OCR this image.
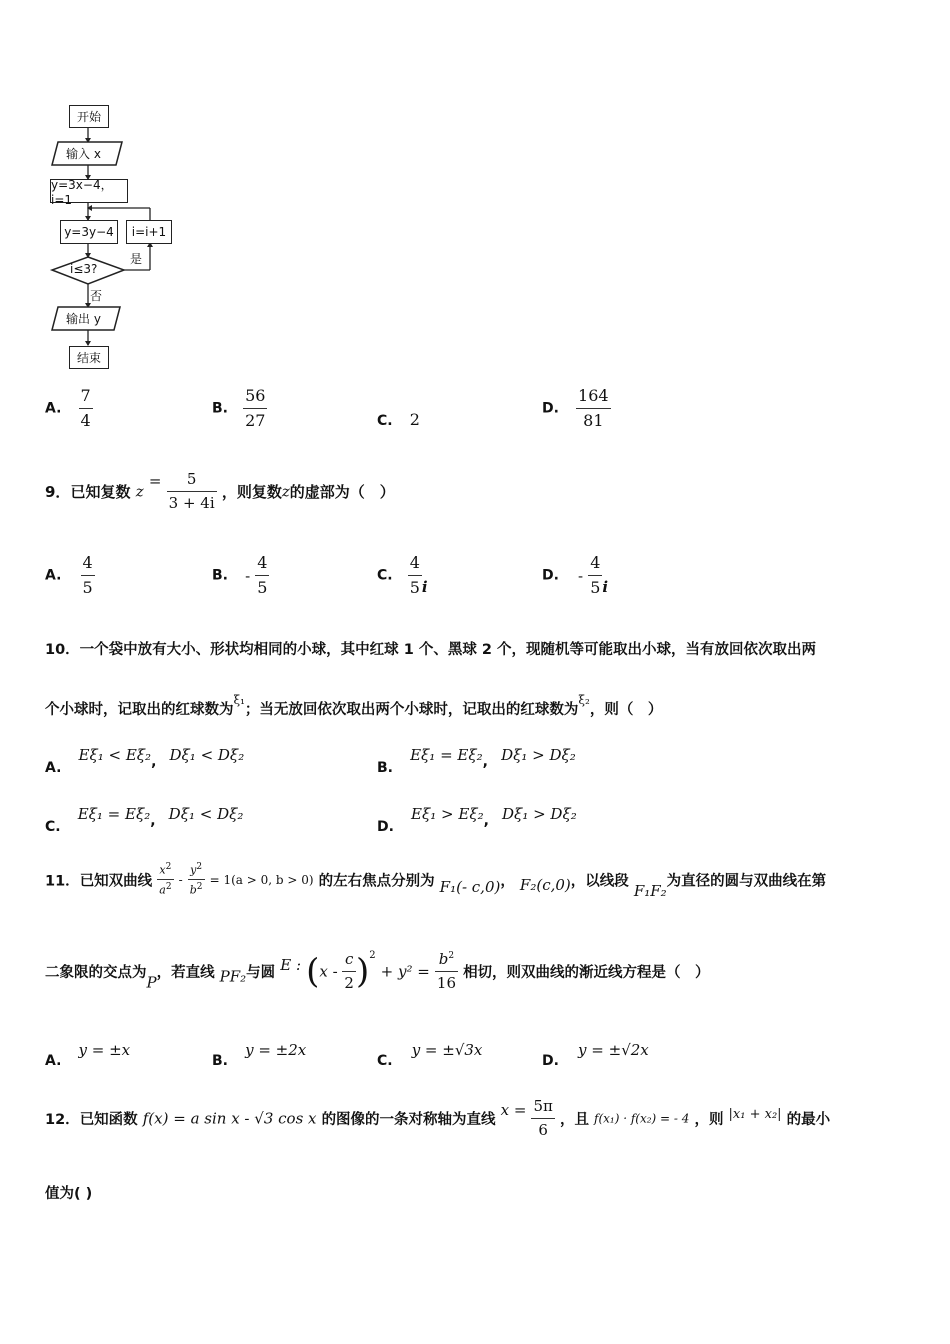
开始
输入 x
y=3x−4，i=1
y=3y−4	i=i+1
i≤3?
是
否
输出 y
结束
A. $\frac{7}{4}$	B. $\frac{56}{27}$	C. 2
D. $\frac{164}{81}$
9．已知复数 $z = \frac{5}{3 + 4i}$ ，则复数z的虚部为（　）
A. $\frac{4}{5}$	B. - $\frac{4}{5}$	C. $\frac{4}{5}$ i
D. - $\frac{4}{5}$ i
10．一个袋中放有大小、形状均相同的小球，其中红球 1 个、黑球 2 个，现随机等可能取出小球，当有放回依次取出两
个小球时，记取出的红球数为$^{\xi_1}$；当无放回依次取出两个小球时，记取出的红球数为$^{\xi_2}$，则（　）
A. Eξ₁ < Eξ₂, Dξ₁ < Dξ₂
B. Eξ₁ = Eξ₂, Dξ₁ > Dξ₂
C. Eξ₁ = Eξ₂, Dξ₁ < Dξ₂
D. Eξ₁ > Eξ₂, Dξ₁ > Dξ₂
11．已知双曲线 $\frac{x^2}{a^2} - \frac{y^2}{b^2} = 1(a > 0$, b > 0) 的左右焦点分别为 F₁(- c,0)， F₂(c,0)，以线段 F₁F₂为直径的圆与双曲线在第
二象限的交点为P，若直线 PF₂与圆 E : $(x - \frac{c}{2} )^2 + y^2 = \frac{b^2}{16}$ 相切，则双曲线的渐近线方程是（　）
A. y = ±x
B. y = ±2x
C. y = ±√3x
D. y = ±√2x
12．已知函数 f(x) = a sin x - √3 cos x 的图像的一条对称轴为直线 $x = \frac{5\pi}{6}$ ，且 f(x₁) · f(x₂) = - 4 ，则 |x₁ + x₂| 的最小
值为( )
